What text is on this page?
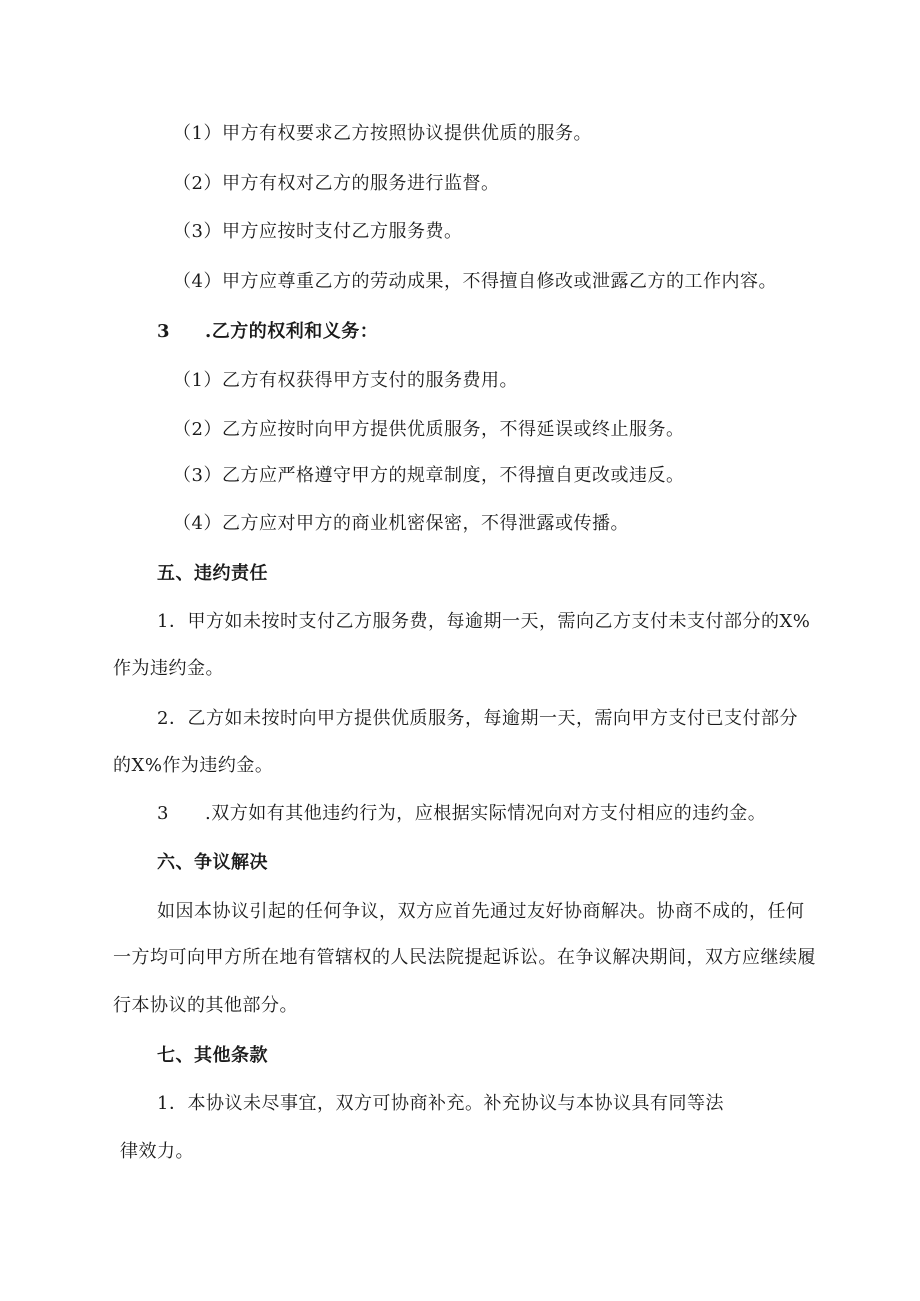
（1）甲方有权要求乙方按照协议提供优质的服务。
（2）甲方有权对乙方的服务进行监督。
（3）甲方应按时支付乙方服务费。
（4）甲方应尊重乙方的劳动成果，不得擅自修改或泄露乙方的工作内容。
3 .乙方的权利和义务：
（1）乙方有权获得甲方支付的服务费用。
（2）乙方应按时向甲方提供优质服务，不得延误或终止服务。
（3）乙方应严格遵守甲方的规章制度，不得擅自更改或违反。
（4）乙方应对甲方的商业机密保密，不得泄露或传播。
五、违约责任
1．甲方如未按时支付乙方服务费，每逾期一天，需向乙方支付未支付部分的X%
作为违约金。
2．乙方如未按时向甲方提供优质服务，每逾期一天，需向甲方支付已支付部分
的X%作为违约金。
3 .双方如有其他违约行为，应根据实际情况向对方支付相应的违约金。
六、争议解决
如因本协议引起的任何争议，双方应首先通过友好协商解决。协商不成的，任何
一方均可向甲方所在地有管辖权的人民法院提起诉讼。在争议解决期间，双方应继续履
行本协议的其他部分。
七、其他条款
1．本协议未尽事宜，双方可协商补充。补充协议与本协议具有同等法
律效力。
